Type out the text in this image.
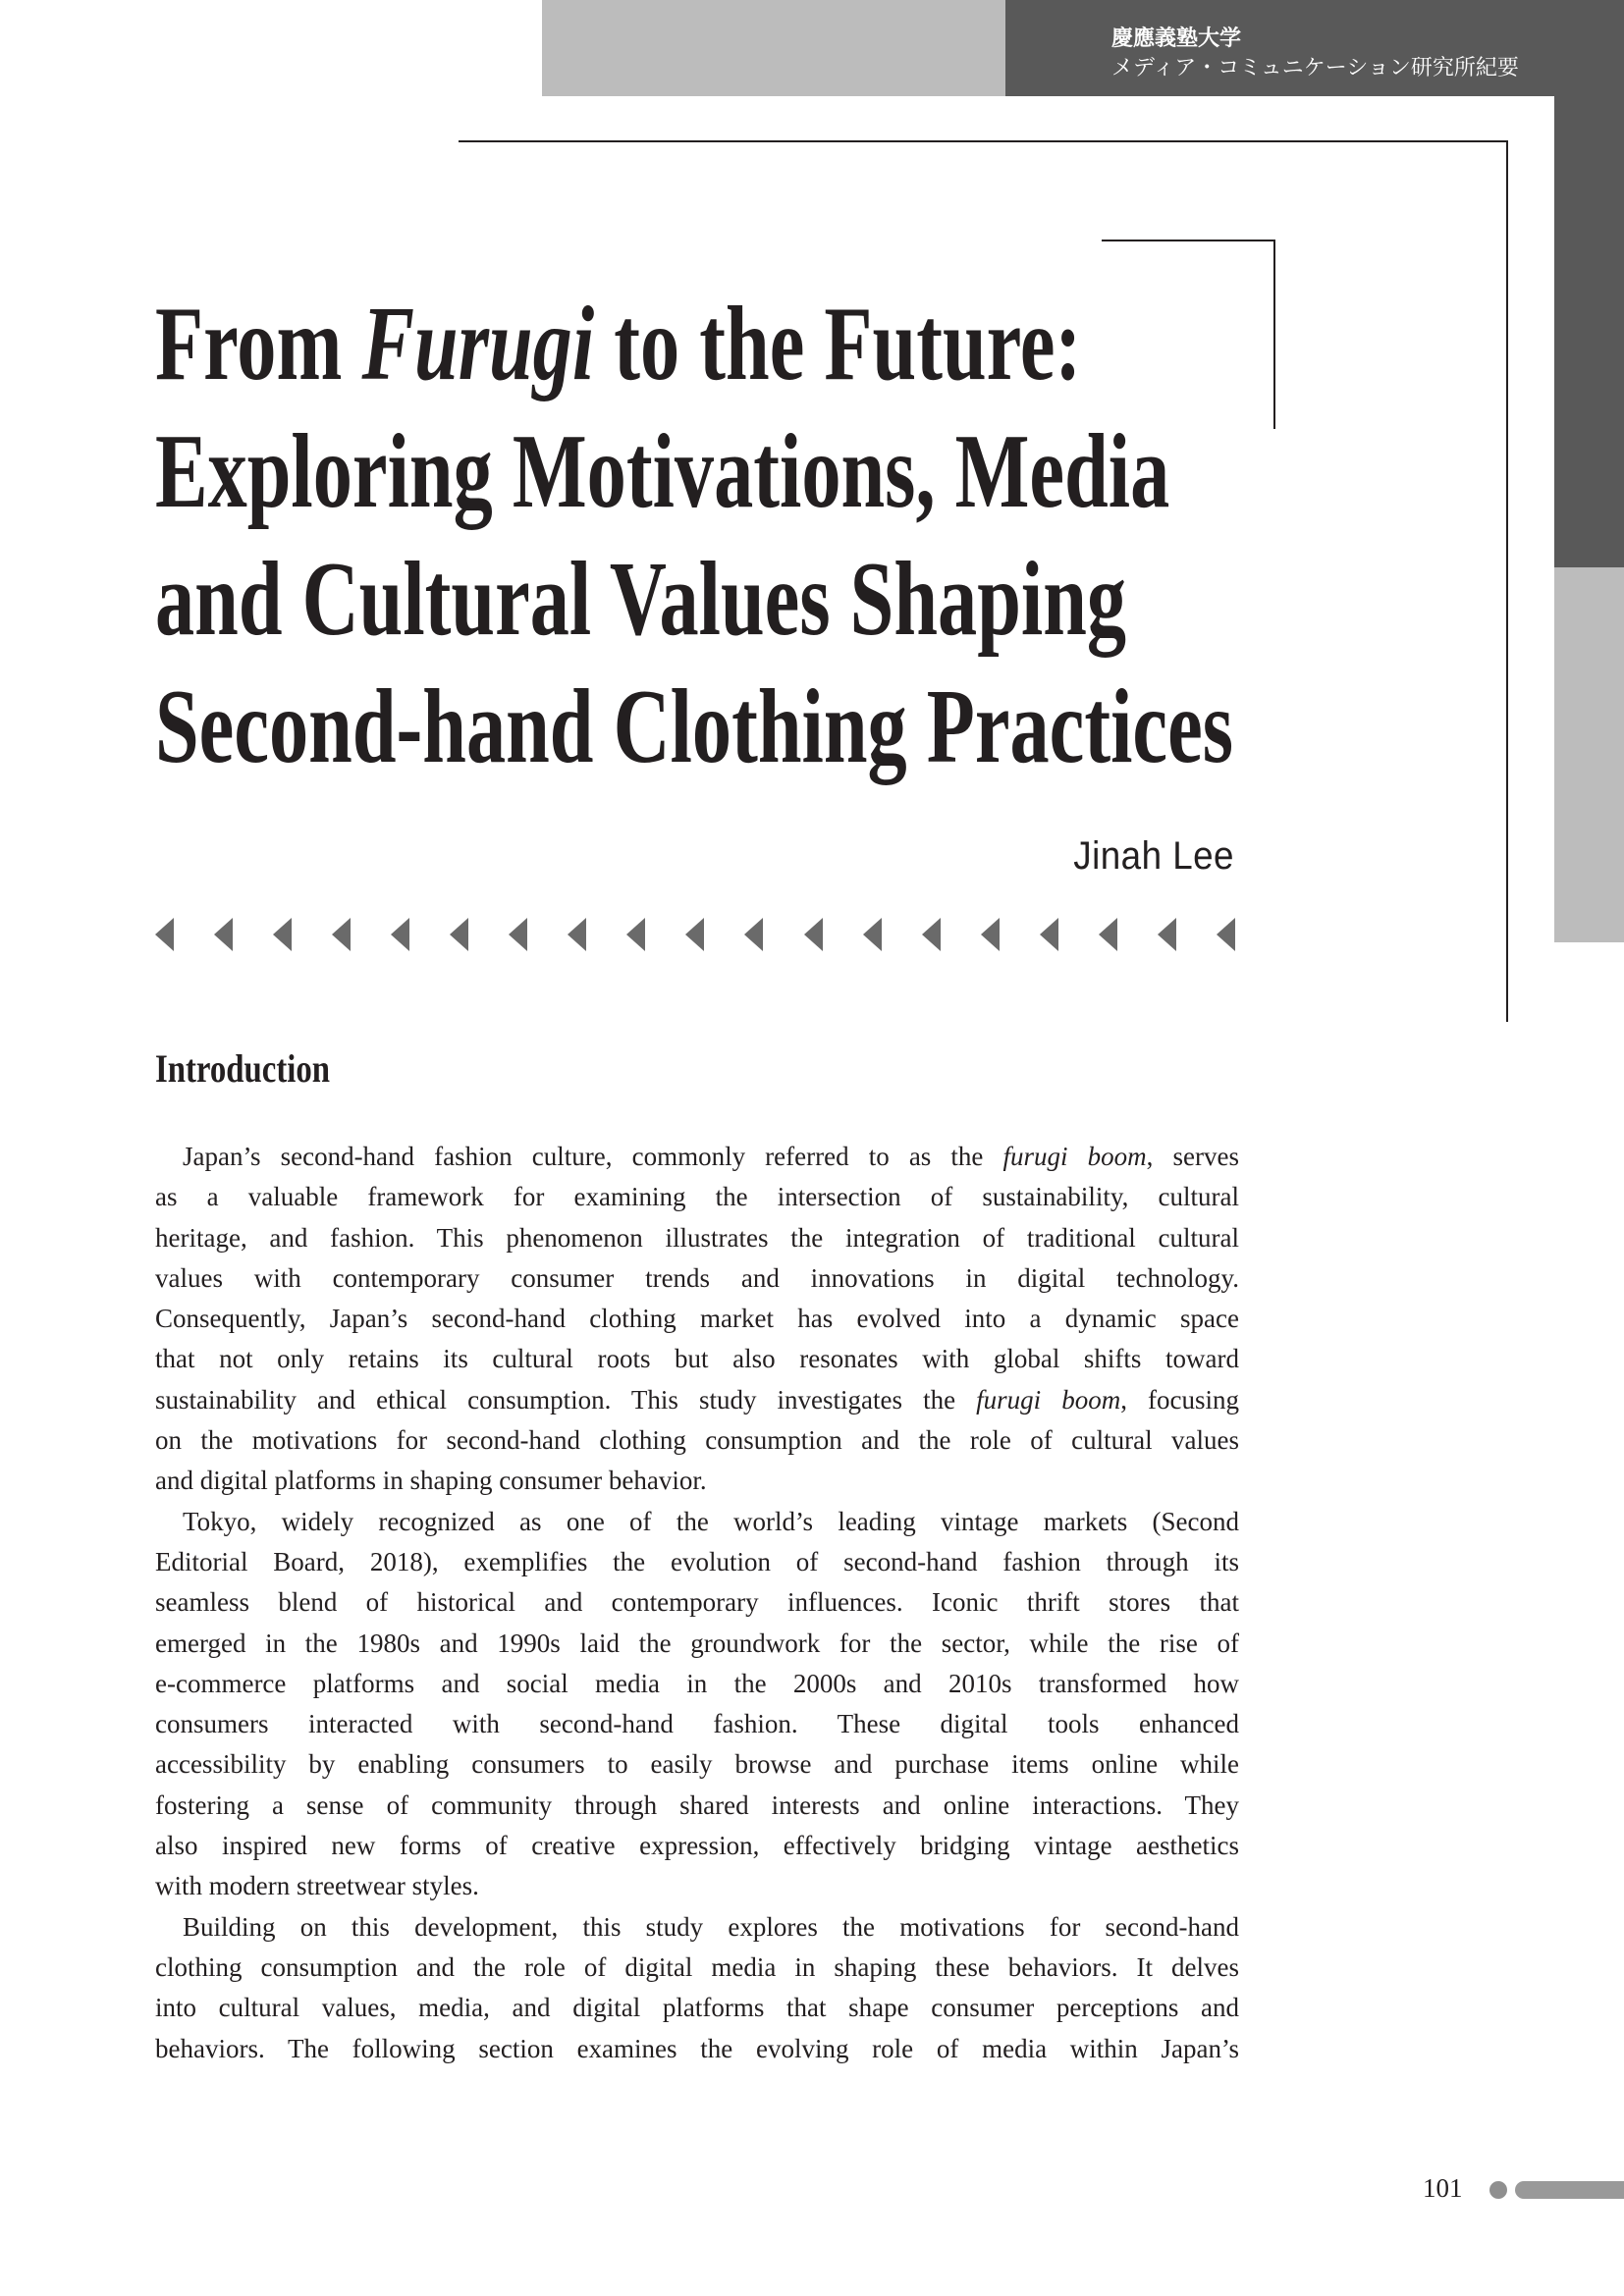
慶應義塾大学
メディア・コミュニケーション研究所紀要
From Furugi to the Future:
Exploring Motivations, Media
and Cultural Values Shaping
Second-hand Clothing Practices
Jinah Lee
Introduction
Japan’s second-hand fashion culture, commonly referred to as the furugi boom, serves
as a valuable framework for examining the intersection of sustainability, cultural
heritage, and fashion. This phenomenon illustrates the integration of traditional cultural
values with contemporary consumer trends and innovations in digital technology.
Consequently, Japan’s second-hand clothing market has evolved into a dynamic space
that not only retains its cultural roots but also resonates with global shifts toward
sustainability and ethical consumption. This study investigates the furugi boom, focusing
on the motivations for second-hand clothing consumption and the role of cultural values
and digital platforms in shaping consumer behavior.
Tokyo, widely recognized as one of the world’s leading vintage markets (Second
Editorial Board, 2018), exemplifies the evolution of second-hand fashion through its
seamless blend of historical and contemporary influences. Iconic thrift stores that
emerged in the 1980s and 1990s laid the groundwork for the sector, while the rise of
e-commerce platforms and social media in the 2000s and 2010s transformed how
consumers interacted with second-hand fashion. These digital tools enhanced
accessibility by enabling consumers to easily browse and purchase items online while
fostering a sense of community through shared interests and online interactions. They
also inspired new forms of creative expression, effectively bridging vintage aesthetics
with modern streetwear styles.
Building on this development, this study explores the motivations for second-hand
clothing consumption and the role of digital media in shaping these behaviors. It delves
into cultural values, media, and digital platforms that shape consumer perceptions and
behaviors. The following section examines the evolving role of media within Japan’s
101
